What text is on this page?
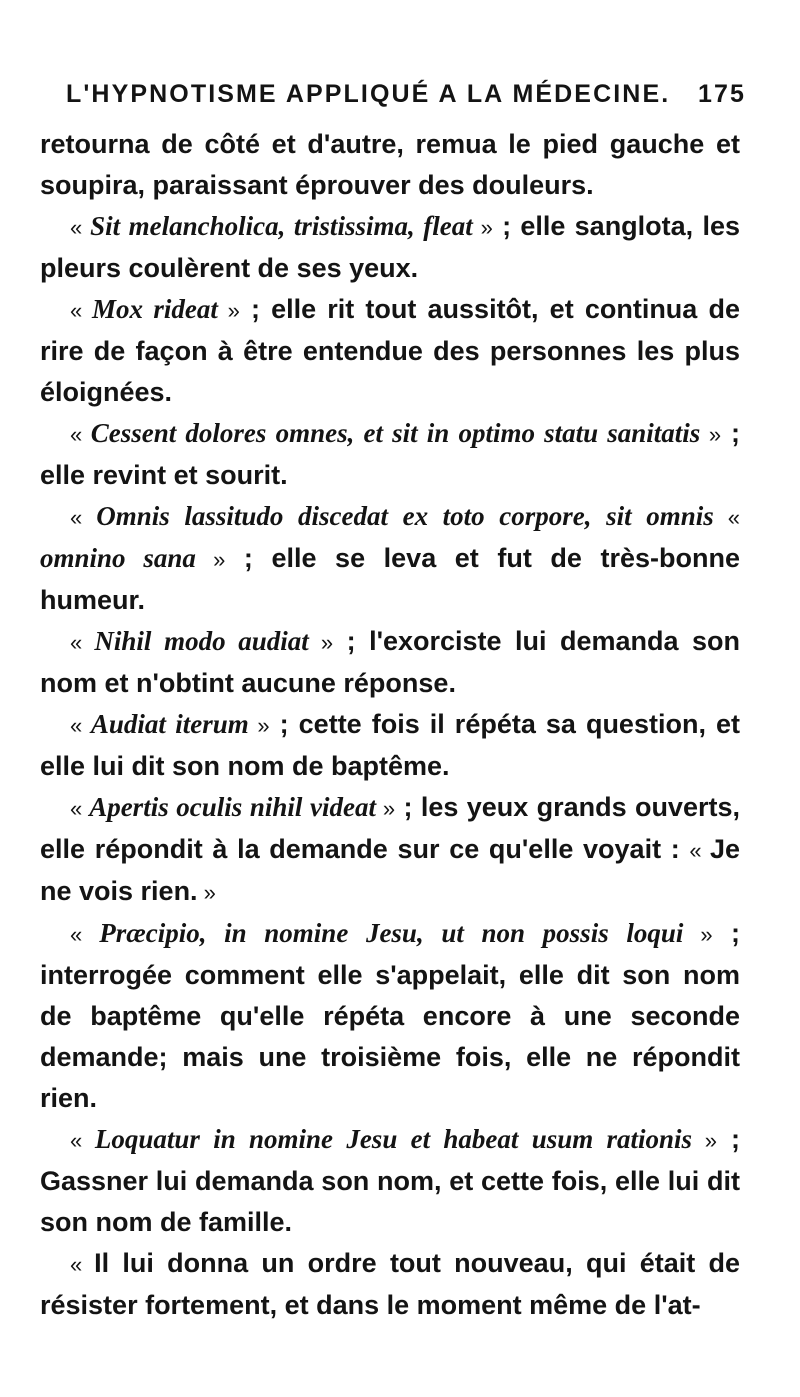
L'HYPNOTISME APPLIQUÉ A LA MÉDECINE. 175

retourna de côté et d'autre, remua le pied gauche et soupira, paraissant éprouver des douleurs.

« Sit melancholica, tristissima, fleat » ; elle sanglota, les pleurs coulèrent de ses yeux.

« Mox rideat » ; elle rit tout aussitôt, et continua de rire de façon à être entendue des personnes les plus éloignées.

« Cessent dolores omnes, et sit in optimo statu sanitatis » ; elle revint et sourit.

« Omnis lassitudo discedat ex toto corpore, sit omnis « omnino sana » ; elle se leva et fut de très-bonne humeur.

« Nihil modo audiat » ; l'exorciste lui demanda son nom et n'obtint aucune réponse.

« Audiat iterum » ; cette fois il répéta sa question, et elle lui dit son nom de baptême.

« Apertis oculis nihil videat » ; les yeux grands ouverts, elle répondit à la demande sur ce qu'elle voyait : « Je ne vois rien. »

« Præcipio, in nomine Jesu, ut non possis loqui » ; interrogée comment elle s'appelait, elle dit son nom de baptême qu'elle répéta encore à une seconde demande; mais une troisième fois, elle ne répondit rien.

« Loquatur in nomine Jesu et habeat usum rationis » ; Gassner lui demanda son nom, et cette fois, elle lui dit son nom de famille.

« Il lui donna un ordre tout nouveau, qui était de résister fortement, et dans le moment même de l'at-
